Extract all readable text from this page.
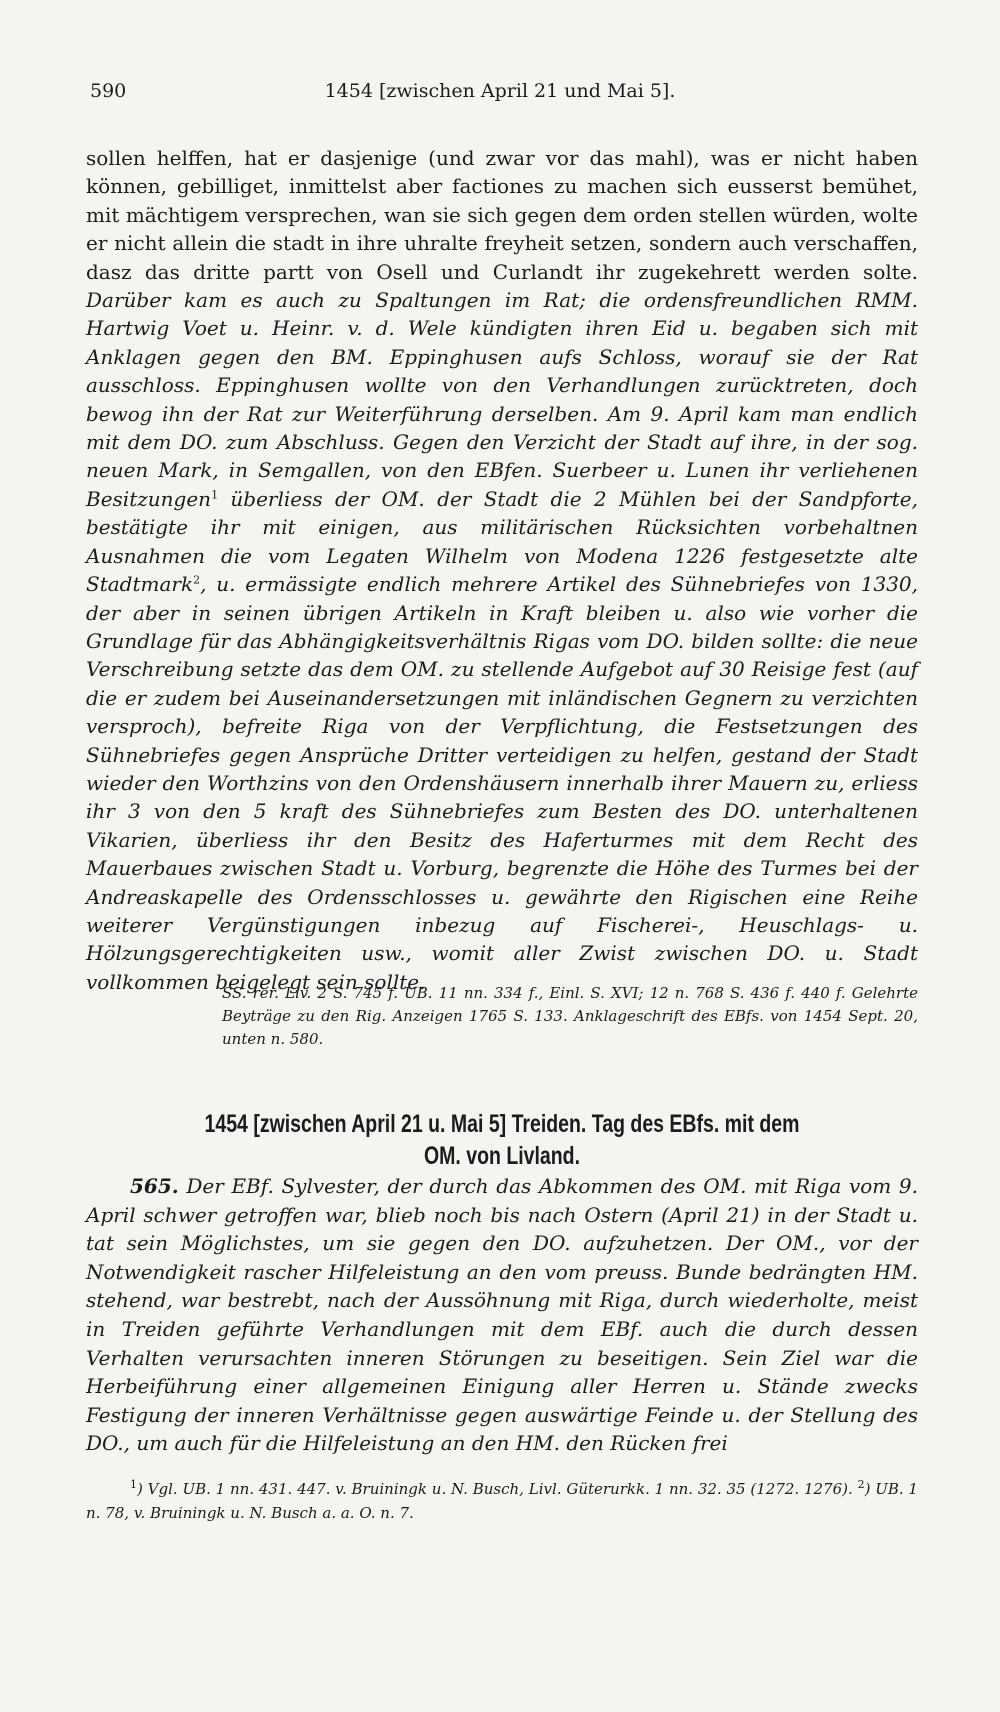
590	1454 [zwischen April 21 und Mai 5].

sollen helffen, hat er dasjenige (und zwar vor das mahl), was er nicht haben können, gebilliget, inmittelst aber factiones zu machen sich eusserst bemühet, mit mächtigem versprechen, wan sie sich gegen dem orden stellen würden, wolte er nicht allein die stadt in ihre uhralte freyheit setzen, sondern auch verschaffen, dasz das dritte partt von Osell und Curlandt ihr zugekehrett werden solte. Darüber kam es auch zu Spaltungen im Rat; die ordensfreundlichen RMM. Hartwig Voet u. Heinr. v. d. Wele kündigten ihren Eid u. begaben sich mit Anklagen gegen den BM. Eppinghusen aufs Schloss, worauf sie der Rat ausschloss. Eppinghusen wollte von den Verhandlungen zurücktreten, doch bewog ihn der Rat zur Weiterführung derselben. Am 9. April kam man endlich mit dem DO. zum Abschluss. Gegen den Verzicht der Stadt auf ihre, in der sog. neuen Mark, in Semgallen, von den EBfen. Suerbeer u. Lunen ihr verliehenen Besitzungen$^1$ überliess der OM. der Stadt die 2 Mühlen bei der Sandpforte, bestätigte ihr mit einigen, aus militärischen Rücksichten vorbehaltnen Ausnahmen die vom Legaten Wilhelm von Modena 1226 festgesetzte alte Stadtmark$^2$, u. ermässigte endlich mehrere Artikel des Sühnebriefes von 1330, der aber in seinen übrigen Artikeln in Kraft bleiben u. also wie vorher die Grundlage für das Abhängigkeitsverhältnis Rigas vom DO. bilden sollte: die neue Verschreibung setzte das dem OM. zu stellende Aufgebot auf 30 Reisige fest (auf die er zudem bei Auseinandersetzungen mit inländischen Gegnern zu verzichten versproch), befreite Riga von der Verpflichtung, die Festsetzungen des Sühnebriefes gegen Ansprüche Dritter verteidigen zu helfen, gestand der Stadt wieder den Worthzins von den Ordenshäusern innerhalb ihrer Mauern zu, erliess ihr 3 von den 5 kraft des Sühnebriefes zum Besten des DO. unterhaltenen Vikarien, überliess ihr den Besitz des Haferturmes mit dem Recht des Mauerbaues zwischen Stadt u. Vorburg, begrenzte die Höhe des Turmes bei der Andreaskapelle des Ordensschlosses u. gewährte den Rigischen eine Reihe weiterer Vergünstigungen inbezug auf Fischerei-, Heuschlags- u. Hölzungsgerechtigkeiten usw., womit aller Zwist zwischen DO. u. Stadt vollkommen beigelegt sein sollte.

SS. rer. Liv. 2 S. 745 f. UB. 11 nn. 334 f., Einl. S. XVI; 12 n. 768 S. 436 f. 440 f. Gelehrte Beyträge zu den Rig. Anzeigen 1765 S. 133. Anklageschrift des EBfs. von 1454 Sept. 20, unten n. 580.
1454 [zwischen April 21 u. Mai 5] Treiden. Tag des EBfs. mit dem
OM. von Livland.

565. Der EBf. Sylvester, der durch das Abkommen des OM. mit Riga vom 9. April schwer getroffen war, blieb noch bis nach Ostern (April 21) in der Stadt u. tat sein Möglichstes, um sie gegen den DO. aufzuhetzen. Der OM., vor der Notwendigkeit rascher Hilfeleistung an den vom preuss. Bunde bedrängten HM. stehend, war bestrebt, nach der Aussöhnung mit Riga, durch wiederholte, meist in Treiden geführte Verhandlungen mit dem EBf. auch die durch dessen Verhalten verursachten inneren Störungen zu beseitigen. Sein Ziel war die Herbeiführung einer allgemeinen Einigung aller Herren u. Stände zwecks Festigung der inneren Verhältnisse gegen auswärtige Feinde u. der Stellung des DO., um auch für die Hilfeleistung an den HM. den Rücken frei

$^1$) Vgl. UB. 1 nn. 431. 447. v. Bruiningk u. N. Busch, Livl. Güterurkk. 1 nn. 32. 35 (1272. 1276). $^2$) UB. 1 n. 78, v. Bruiningk u. N. Busch a. a. O. n. 7.
